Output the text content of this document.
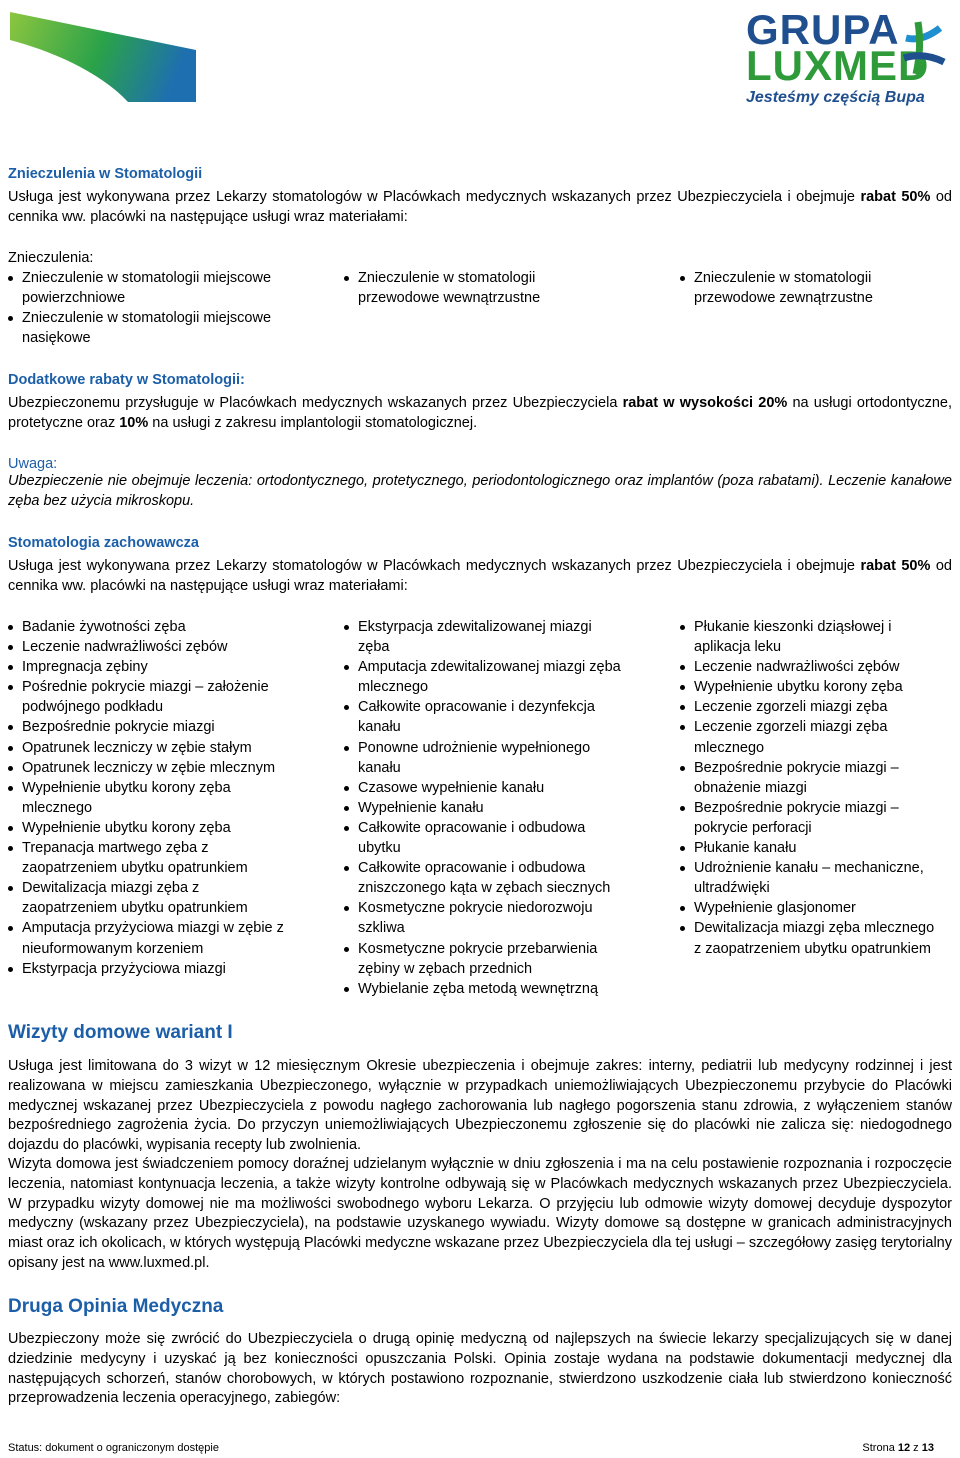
GRUPA
LUXMED
Jesteśmy częścią Bupa
Znieczulenia w Stomatologii

Usługa jest wykonywana przez Lekarzy stomatologów w Placówkach medycznych wskazanych przez Ubezpieczyciela i obejmuje rabat 50% od cennika ww. placówki na następujące usługi wraz materiałami:

Znieczulenia:
Znieczulenie w stomatologii miejscowe powierzchniowe
Znieczulenie w stomatologii miejscowe nasiękowe
Znieczulenie w stomatologii przewodowe wewnątrzustne
Znieczulenie w stomatologii przewodowe zewnątrzustne
Dodatkowe rabaty w Stomatologii:

Ubezpieczonemu przysługuje w Placówkach medycznych wskazanych przez Ubezpieczyciela rabat w wysokości 20% na usługi ortodontyczne, protetyczne oraz 10% na usługi z zakresu implantologii stomatologicznej.

Uwaga:

Ubezpieczenie nie obejmuje leczenia: ortodontycznego, protetycznego, periodontologicznego oraz implantów (poza rabatami). Leczenie kanałowe zęba bez użycia mikroskopu.

Stomatologia zachowawcza

Usługa jest wykonywana przez Lekarzy stomatologów w Placówkach medycznych wskazanych przez Ubezpieczyciela i obejmuje rabat 50% od cennika ww. placówki na następujące usługi wraz materiałami:

Badanie żywotności zęba
Leczenie nadwrażliwości zębów
Impregnacja zębiny
Pośrednie pokrycie miazgi – założenie podwójnego podkładu
Bezpośrednie pokrycie miazgi
Opatrunek leczniczy w zębie stałym
Opatrunek leczniczy w zębie mlecznym
Wypełnienie ubytku korony zęba mlecznego
Wypełnienie ubytku korony zęba
Trepanacja martwego zęba z zaopatrzeniem ubytku opatrunkiem
Dewitalizacja miazgi zęba z zaopatrzeniem ubytku opatrunkiem
Amputacja przyżyciowa miazgi w zębie z nieuformowanym korzeniem
Ekstyrpacja przyżyciowa miazgi
Ekstyrpacja zdewitalizowanej miazgi zęba
Amputacja zdewitalizowanej miazgi zęba mlecznego
Całkowite opracowanie i dezynfekcja kanału
Ponowne udrożnienie wypełnionego kanału
Czasowe wypełnienie kanału
Wypełnienie kanału
Całkowite opracowanie i odbudowa ubytku
Całkowite opracowanie i odbudowa zniszczonego kąta w zębach siecznych
Kosmetyczne pokrycie niedorozwoju szkliwa
Kosmetyczne pokrycie przebarwienia zębiny w zębach przednich
Wybielanie zęba metodą wewnętrzną
Płukanie kieszonki dziąsłowej i aplikacja leku
Leczenie nadwrażliwości zębów
Wypełnienie ubytku korony zęba
Leczenie zgorzeli miazgi zęba
Leczenie zgorzeli miazgi zęba mlecznego
Bezpośrednie pokrycie miazgi – obnażenie miazgi
Bezpośrednie pokrycie miazgi – pokrycie perforacji
Płukanie kanału
Udrożnienie kanału – mechaniczne, ultradźwięki
Wypełnienie glasjonomer
Dewitalizacja miazgi zęba mlecznego z zaopatrzeniem ubytku opatrunkiem
Wizyty domowe wariant I

Usługa jest limitowana do 3 wizyt w 12 miesięcznym Okresie ubezpieczenia i obejmuje zakres: interny, pediatrii lub medycyny rodzinnej i jest realizowana w miejscu zamieszkania Ubezpieczonego, wyłącznie w przypadkach uniemożliwiających Ubezpieczonemu przybycie do Placówki medycznej wskazanej przez Ubezpieczyciela z powodu nagłego zachorowania lub nagłego pogorszenia stanu zdrowia, z wyłączeniem stanów bezpośredniego zagrożenia życia. Do przyczyn uniemożliwiających Ubezpieczonemu zgłoszenie się do placówki nie zalicza się: niedogodnego dojazdu do placówki, wypisania recepty lub zwolnienia.

Wizyta domowa jest świadczeniem pomocy doraźnej udzielanym wyłącznie w dniu zgłoszenia i ma na celu postawienie rozpoznania i rozpoczęcie leczenia, natomiast kontynuacja leczenia, a także wizyty kontrolne odbywają się w Placówkach medycznych wskazanych przez Ubezpieczyciela. W przypadku wizyty domowej nie ma możliwości swobodnego wyboru Lekarza. O przyjęciu lub odmowie wizyty domowej decyduje dyspozytor medyczny (wskazany przez Ubezpieczyciela), na podstawie uzyskanego wywiadu. Wizyty domowe są dostępne w granicach administracyjnych miast oraz ich okolicach, w których występują Placówki medyczne wskazane przez Ubezpieczyciela dla tej usługi – szczegółowy zasięg terytorialny opisany jest na www.luxmed.pl.

Druga Opinia Medyczna

Ubezpieczony może się zwrócić do Ubezpieczyciela o drugą opinię medyczną od najlepszych na świecie lekarzy specjalizujących się w danej dziedzinie medycyny i uzyskać ją bez konieczności opuszczania Polski. Opinia zostaje wydana na podstawie dokumentacji medycznej dla następujących schorzeń, stanów chorobowych, w których postawiono rozpoznanie, stwierdzono uszkodzenie ciała lub stwierdzono konieczność przeprowadzenia leczenia operacyjnego, zabiegów:

Status: dokument o ograniczonym dostępie	Strona 12 z 13
